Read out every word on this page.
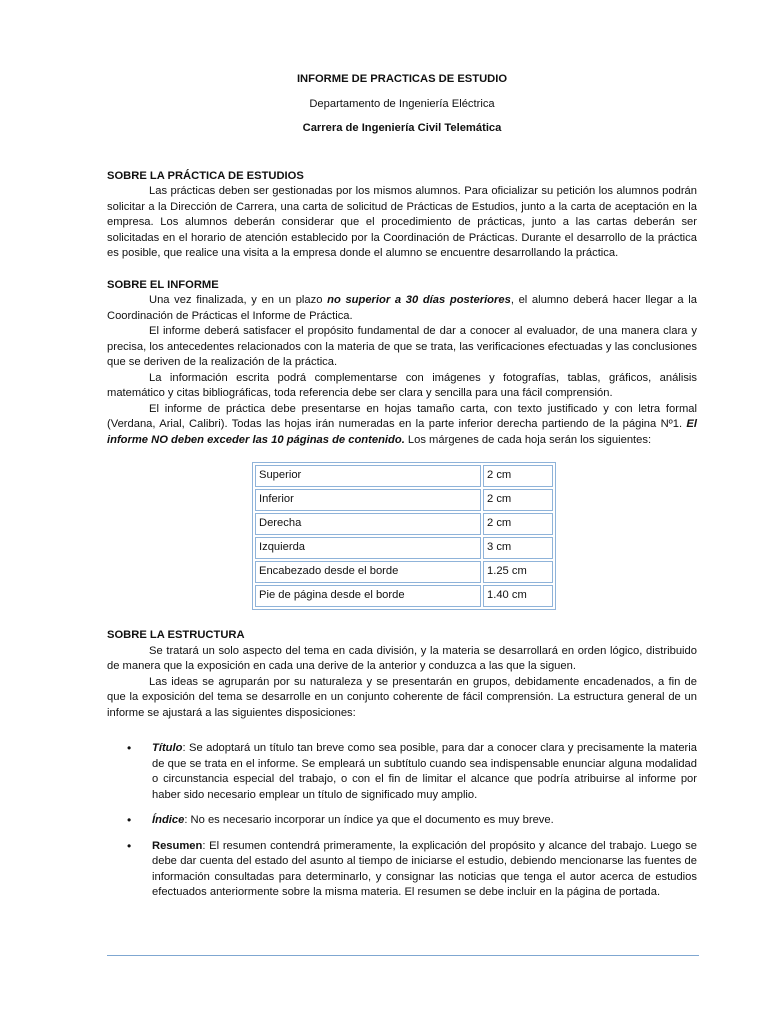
INFORME DE PRACTICAS DE ESTUDIO
Departamento de Ingeniería Eléctrica
Carrera de Ingeniería Civil Telemática
SOBRE LA PRÁCTICA DE ESTUDIOS

Las prácticas deben ser gestionadas por los mismos alumnos. Para oficializar su petición los alumnos podrán solicitar a la Dirección de Carrera, una carta de solicitud de Prácticas de Estudios, junto a la carta de aceptación en la empresa. Los alumnos deberán considerar que el procedimiento de prácticas, junto a las cartas deberán ser solicitadas en el horario de atención establecido por la Coordinación de Prácticas. Durante el desarrollo de la práctica es posible, que realice una visita a la empresa donde el alumno se encuentre desarrollando la práctica.

SOBRE EL INFORME

Una vez finalizada, y en un plazo no superior a 30 días posteriores, el alumno deberá hacer llegar a la Coordinación de Prácticas el Informe de Práctica.

El informe deberá satisfacer el propósito fundamental de dar a conocer al evaluador, de una manera clara y precisa, los antecedentes relacionados con la materia de que se trata, las verificaciones efectuadas y las conclusiones que se deriven de la realización de la práctica.

La información escrita podrá complementarse con imágenes y fotografías, tablas, gráficos, análisis matemático y citas bibliográficas, toda referencia debe ser clara y sencilla para una fácil comprensión.

El informe de práctica debe presentarse en hojas tamaño carta, con texto justificado y con letra formal (Verdana, Arial, Calibri). Todas las hojas irán numeradas en la parte inferior derecha partiendo de la página Nº1. El informe NO deben exceder las 10 páginas de contenido. Los márgenes de cada hoja serán los siguientes:

Superior	2 cm
Inferior	2 cm
Derecha	2 cm
Izquierda	3 cm
Encabezado desde el borde	1.25 cm
Pie de página desde el borde	1.40 cm
SOBRE LA ESTRUCTURA

Se tratará un solo aspecto del tema en cada división, y la materia se desarrollará en orden lógico, distribuido de manera que la exposición en cada una derive de la anterior y conduzca a las que la siguen.

Las ideas se agruparán por su naturaleza y se presentarán en grupos, debidamente encadenados, a fin de que la exposición del tema se desarrolle en un conjunto coherente de fácil comprensión. La estructura general de un informe se ajustará a las siguientes disposiciones:

• Título: Se adoptará un título tan breve como sea posible, para dar a conocer clara y precisamente la materia de que se trata en el informe. Se empleará un subtítulo cuando sea indispensable enunciar alguna modalidad o circunstancia especial del trabajo, o con el fin de limitar el alcance que podría atribuirse al informe por haber sido necesario emplear un título de significado muy amplio.
• Índice: No es necesario incorporar un índice ya que el documento es muy breve.
• Resumen: El resumen contendrá primeramente, la explicación del propósito y alcance del trabajo. Luego se debe dar cuenta del estado del asunto al tiempo de iniciarse el estudio, debiendo mencionarse las fuentes de información consultadas para determinarlo, y consignar las noticias que tenga el autor acerca de estudios efectuados anteriormente sobre la misma materia. El resumen se debe incluir en la página de portada.
